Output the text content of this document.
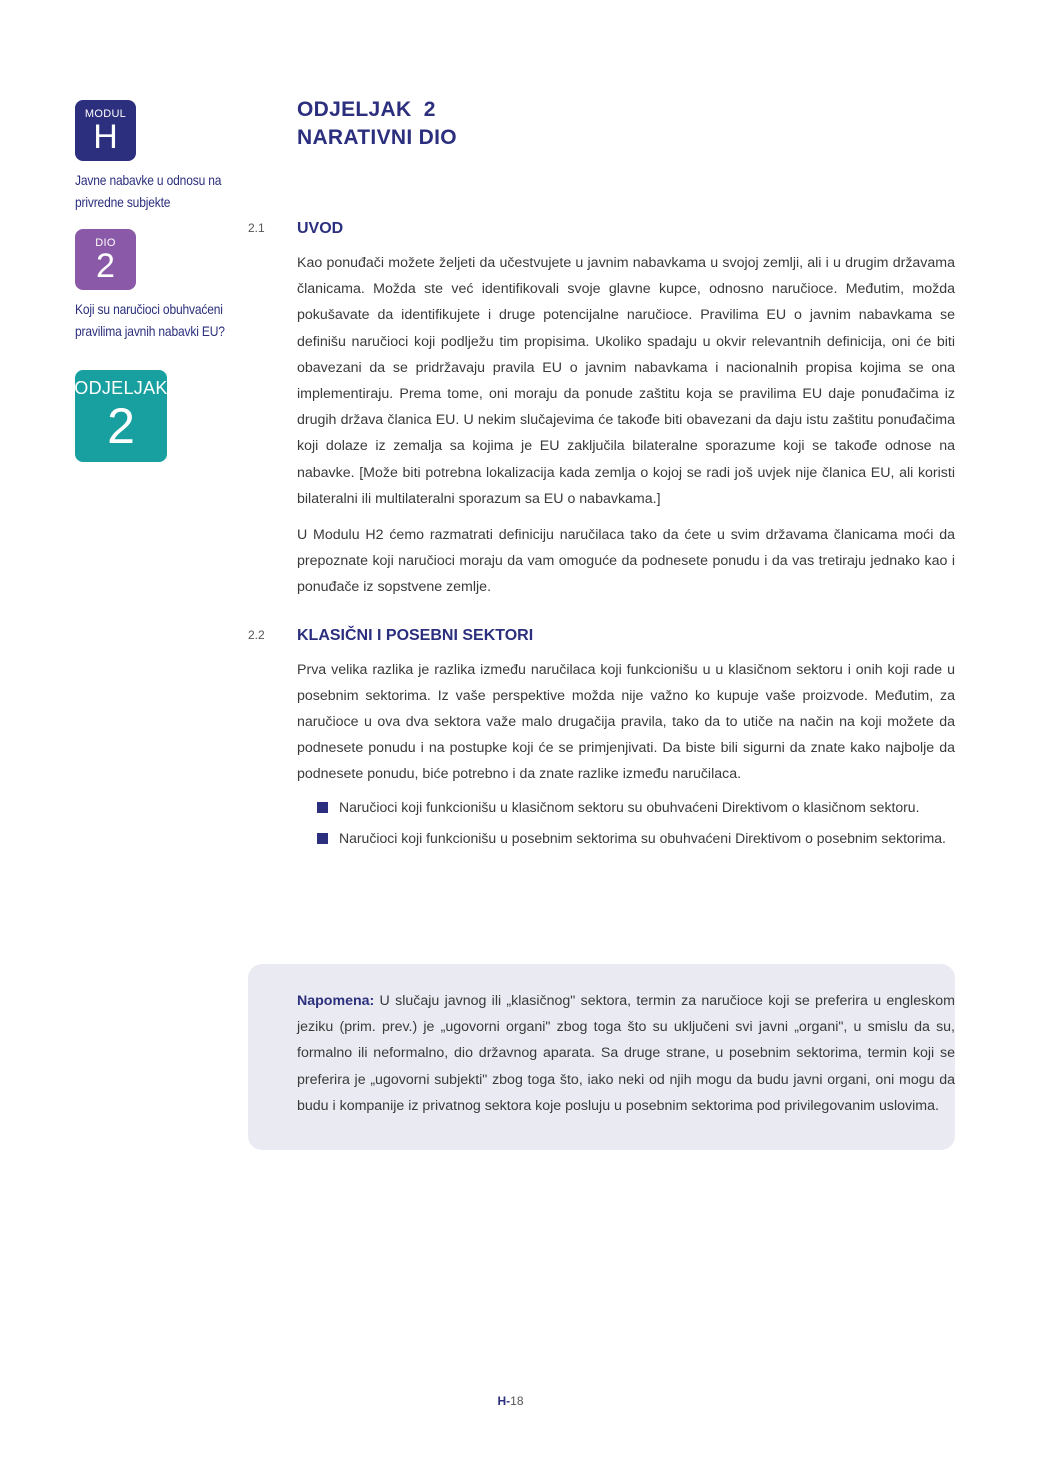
MODUL
H
Javne nabavke u odnosu na privredne subjekte
DIO
2
Koji su naručioci obuhvaćeni pravilima javnih nabavki EU?
ODJELJAK
2
ODJELJAK  2
NARATIVNI DIO
2.1	UVOD

Kao ponuđači možete željeti da učestvujete u javnim nabavkama u svojoj zemlji, ali i u drugim državama članicama. Možda ste već identifikovali svoje glavne kupce, odnosno naručioce. Međutim, možda pokušavate da identifikujete i druge potencijalne naručioce. Pravilima EU o javnim nabavkama se definišu naručioci koji podlježu tim propisima. Ukoliko spadaju u okvir relevantnih definicija, oni će biti obavezani da se pridržavaju pravila EU o javnim nabavkama i nacionalnih propisa kojima se ona implementiraju. Prema tome, oni moraju da ponude zaštitu koja se pravilima EU daje ponuđačima iz drugih država članica EU. U nekim slučajevima će takođe biti obavezani da daju istu zaštitu ponuđačima koji dolaze iz zemalja sa kojima je EU zaključila bilateralne sporazume koji se takođe odnose na nabavke. [Može biti potrebna lokalizacija kada zemlja o kojoj se radi još uvjek nije članica EU, ali koristi bilateralni ili multilateralni sporazum sa EU o nabavkama.]

U Modulu H2 ćemo razmatrati definiciju naručilaca tako da ćete u svim državama članicama moći da prepoznate koji naručioci moraju da vam omoguće da podnesete ponudu i da vas tretiraju jednako kao i ponuđače iz sopstvene zemlje.

2.2	KLASIČNI I POSEBNI SEKTORI

Prva velika razlika je razlika između naručilaca koji funkcionišu u u klasičnom sektoru i onih koji rade u posebnim sektorima. Iz vaše perspektive možda nije važno ko kupuje vaše proizvode. Međutim, za naručioce u ova dva sektora važe malo drugačija pravila, tako da to utiče na način na koji možete da podnesete ponudu i na postupke koji će se primjenjivati. Da biste bili sigurni da znate kako najbolje da podnesete ponudu, biće potrebno i da znate razlike između naručilaca.

Naručioci koji funkcionišu u klasičnom sektoru su obuhvaćeni Direktivom o klasičnom sektoru.
Naručioci koji funkcionišu u posebnim sektorima su obuhvaćeni Direktivom o posebnim sektorima.

Napomena: U slučaju javnog ili „klasičnog" sektora, termin za naručioce koji se preferira u engleskom jeziku (prim. prev.) je „ugovorni organi" zbog toga što su uključeni svi javni „organi", u smislu da su, formalno ili neformalno, dio državnog aparata. Sa druge strane, u posebnim sektorima, termin koji se preferira je „ugovorni subjekti" zbog toga što, iako neki od njih mogu da budu javni organi, oni mogu da budu i kompanije iz privatnog sektora koje posluju u posebnim sektorima pod privilegovanim uslovima.

H-18
